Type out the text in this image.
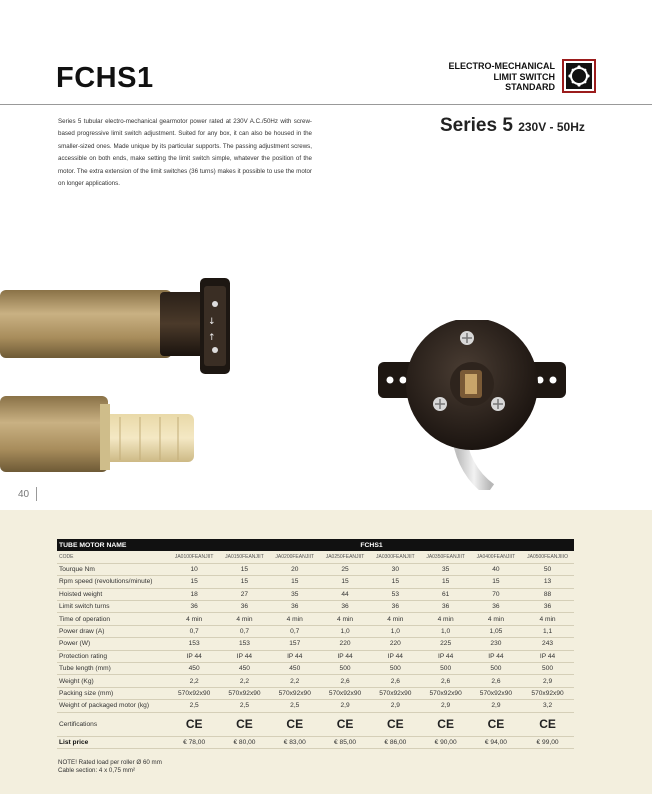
FCHS1	ELECTRO-MECHANICAL
LIMIT SWITCH
STANDARD

Series 5 tubular electro-mechanical gearmotor power rated at 230V A.C./50Hz with screw-based progressive limit switch adjustment. Suited for any box, it can also be housed in the smaller-sized ones. Made unique by its particular supports. The passing adjustment screws, accessible on both ends, make setting the limit switch simple, whatever the position of the motor. The extra extension of the limit switches (36 turns) makes it possible to use the motor on longer applications.

Series 5 230V - 50Hz
↓
↑
40
TUBE MOTOR NAME	FCHS1							
CODE	JA0100FEANJIIT	JA0150FEANJIIT	JA0200FEANJIIT	JA0250FEANJIIT	JA0300FEANJIIT	JA0350FEANJIIT	JA0400FEANJIIT	JA0500FEANJIIIO
Tourque Nm	10	15	20	25	30	35	40	50
Rpm speed (revolutions/minute)	15	15	15	15	15	15	15	13
Hoisted weight	18	27	35	44	53	61	70	88
Limit switch turns	36	36	36	36	36	36	36	36
Time of operation	4 min	4 min	4 min	4 min	4 min	4 min	4 min	4 min
Power draw (A)	0,7	0,7	0,7	1,0	1,0	1,0	1,05	1,1
Power (W)	153	153	157	220	220	225	230	243
Protection rating	IP 44	IP 44	IP 44	IP 44	IP 44	IP 44	IP 44	IP 44
Tube length (mm)	450	450	450	500	500	500	500	500
Weight (Kg)	2,2	2,2	2,2	2,6	2,6	2,6	2,6	2,9
Packing size (mm)	570x92x90	570x92x90	570x92x90	570x92x90	570x92x90	570x92x90	570x92x90	570x92x90
Weight of packaged motor (kg)	2,5	2,5	2,5	2,9	2,9	2,9	2,9	3,2
Certifications	CE	CE	CE	CE	CE	CE	CE	CE
List price	€ 78,00	€ 80,00	€ 83,00	€ 85,00	€ 86,00	€ 90,00	€ 94,00	€ 99,00
NOTE! Rated load per roller Ø 60 mm
Cable section: 4 x 0,75 mm²
